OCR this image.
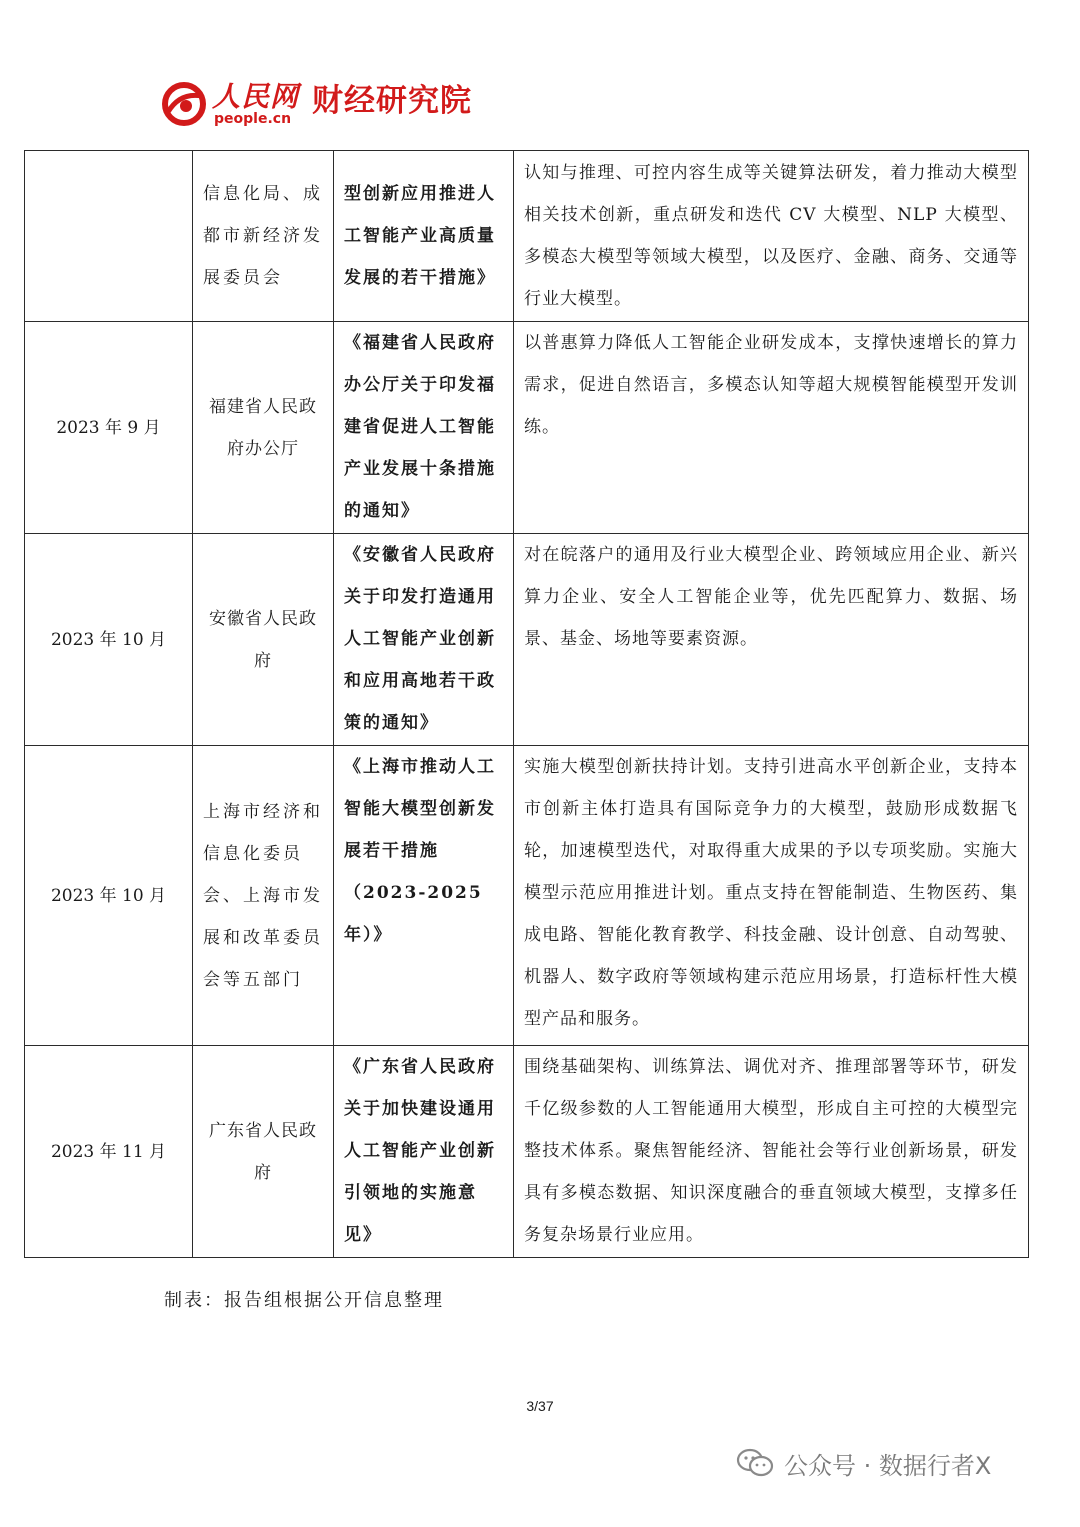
人民网
people.cn 财经研究院

	信息化局、成都市新经济发展委员会	型创新应用推进人工智能产业高质量发展的若干措施》	认知与推理、可控内容生成等关键算法研发，着力推动大模型相关技术创新，重点研发和迭代 CV 大模型、NLP 大模型、多模态大模型等领域大模型，以及医疗、金融、商务、交通等行业大模型。

2023 年 9 月	福建省人民政府办公厅	《福建省人民政府办公厅关于印发福建省促进人工智能产业发展十条措施的通知》	以普惠算力降低人工智能企业研发成本，支撑快速增长的算力需求，促进自然语言，多模态认知等超大规模智能模型开发训练。

2023 年 10 月	安徽省人民政府	《安徽省人民政府关于印发打造通用人工智能产业创新和应用高地若干政策的通知》	对在皖落户的通用及行业大模型企业、跨领域应用企业、新兴算力企业、安全人工智能企业等，优先匹配算力、数据、场景、基金、场地等要素资源。

2023 年 10 月	上海市经济和信息化委员会、上海市发展和改革委员会等五部门	《上海市推动人工智能大模型创新发展若干措施（2023-2025 年）》	实施大模型创新扶持计划。支持引进高水平创新企业，支持本市创新主体打造具有国际竞争力的大模型，鼓励形成数据飞轮，加速模型迭代，对取得重大成果的予以专项奖励。实施大模型示范应用推进计划。重点支持在智能制造、生物医药、集成电路、智能化教育教学、科技金融、设计创意、自动驾驶、机器人、数字政府等领域构建示范应用场景，打造标杆性大模型产品和服务。

2023 年 11 月	广东省人民政府	《广东省人民政府关于加快建设通用人工智能产业创新引领地的实施意见》	围绕基础架构、训练算法、调优对齐、推理部署等环节，研发千亿级参数的人工智能通用大模型，形成自主可控的大模型完整技术体系。聚焦智能经济、智能社会等行业创新场景，研发具有多模态数据、知识深度融合的垂直领域大模型，支撑多任务复杂场景行业应用。
制表：报告组根据公开信息整理
3/37
公众号 · 数据行者X
